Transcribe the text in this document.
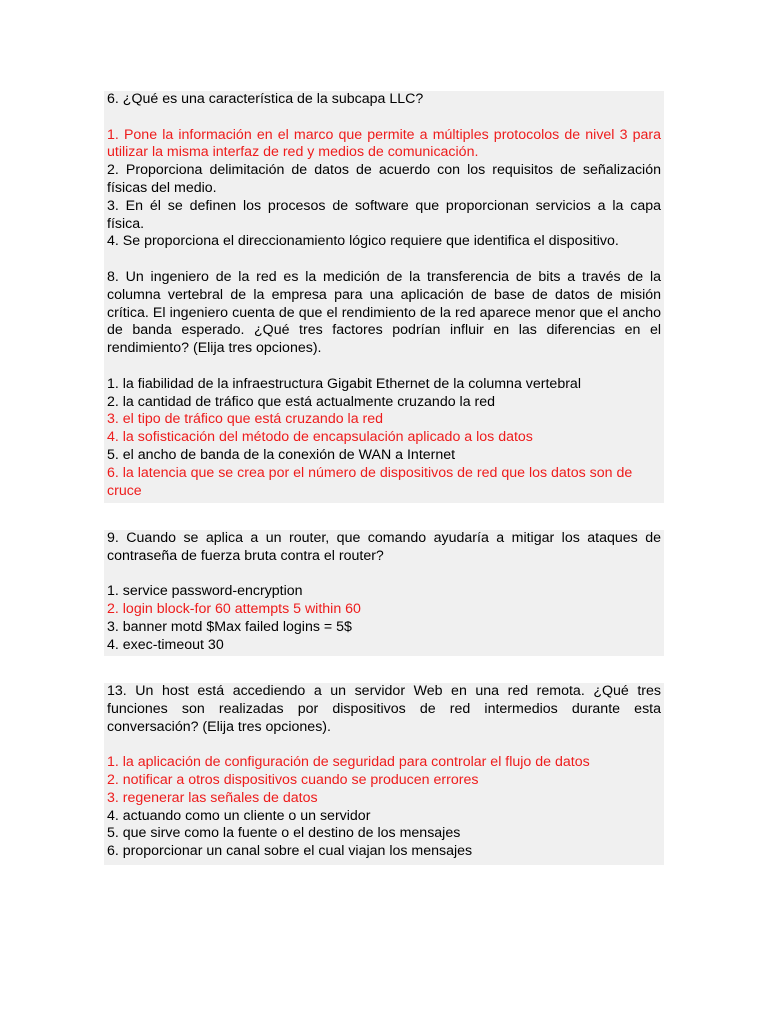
6. ¿Qué es una característica de la subcapa LLC?

1. Pone la información en el marco que permite a múltiples protocolos de nivel 3 para utilizar la misma interfaz de red y medios de comunicación.

2. Proporciona delimitación de datos de acuerdo con los requisitos de señalización físicas del medio.

3. En él se definen los procesos de software que proporcionan servicios a la capa física.

4. Se proporciona el direccionamiento lógico requiere que identifica el dispositivo.

8. Un ingeniero de la red es la medición de la transferencia de bits a través de la columna vertebral de la empresa para una aplicación de base de datos de misión crítica. El ingeniero cuenta de que el rendimiento de la red aparece menor que el ancho de banda esperado. ¿Qué tres factores podrían influir en las diferencias en el rendimiento? (Elija tres opciones).

1. la fiabilidad de la infraestructura Gigabit Ethernet de la columna vertebral

2. la cantidad de tráfico que está actualmente cruzando la red

3. el tipo de tráfico que está cruzando la red

4. la sofisticación del método de encapsulación aplicado a los datos

5. el ancho de banda de la conexión de WAN a Internet

6. la latencia que se crea por el número de dispositivos de red que los datos son de cruce

9. Cuando se aplica a un router, que comando ayudaría a mitigar los ataques de contraseña de fuerza bruta contra el router?

1. service password-encryption

2. login block-for 60 attempts 5 within 60

3. banner motd $Max failed logins = 5$

4. exec-timeout 30

13. Un host está accediendo a un servidor Web en una red remota. ¿Qué tres funciones son realizadas por dispositivos de red intermedios durante esta conversación? (Elija tres opciones).

1. la aplicación de configuración de seguridad para controlar el flujo de datos

2. notificar a otros dispositivos cuando se producen errores

3. regenerar las señales de datos

4. actuando como un cliente o un servidor

5. que sirve como la fuente o el destino de los mensajes

6. proporcionar un canal sobre el cual viajan los mensajes
